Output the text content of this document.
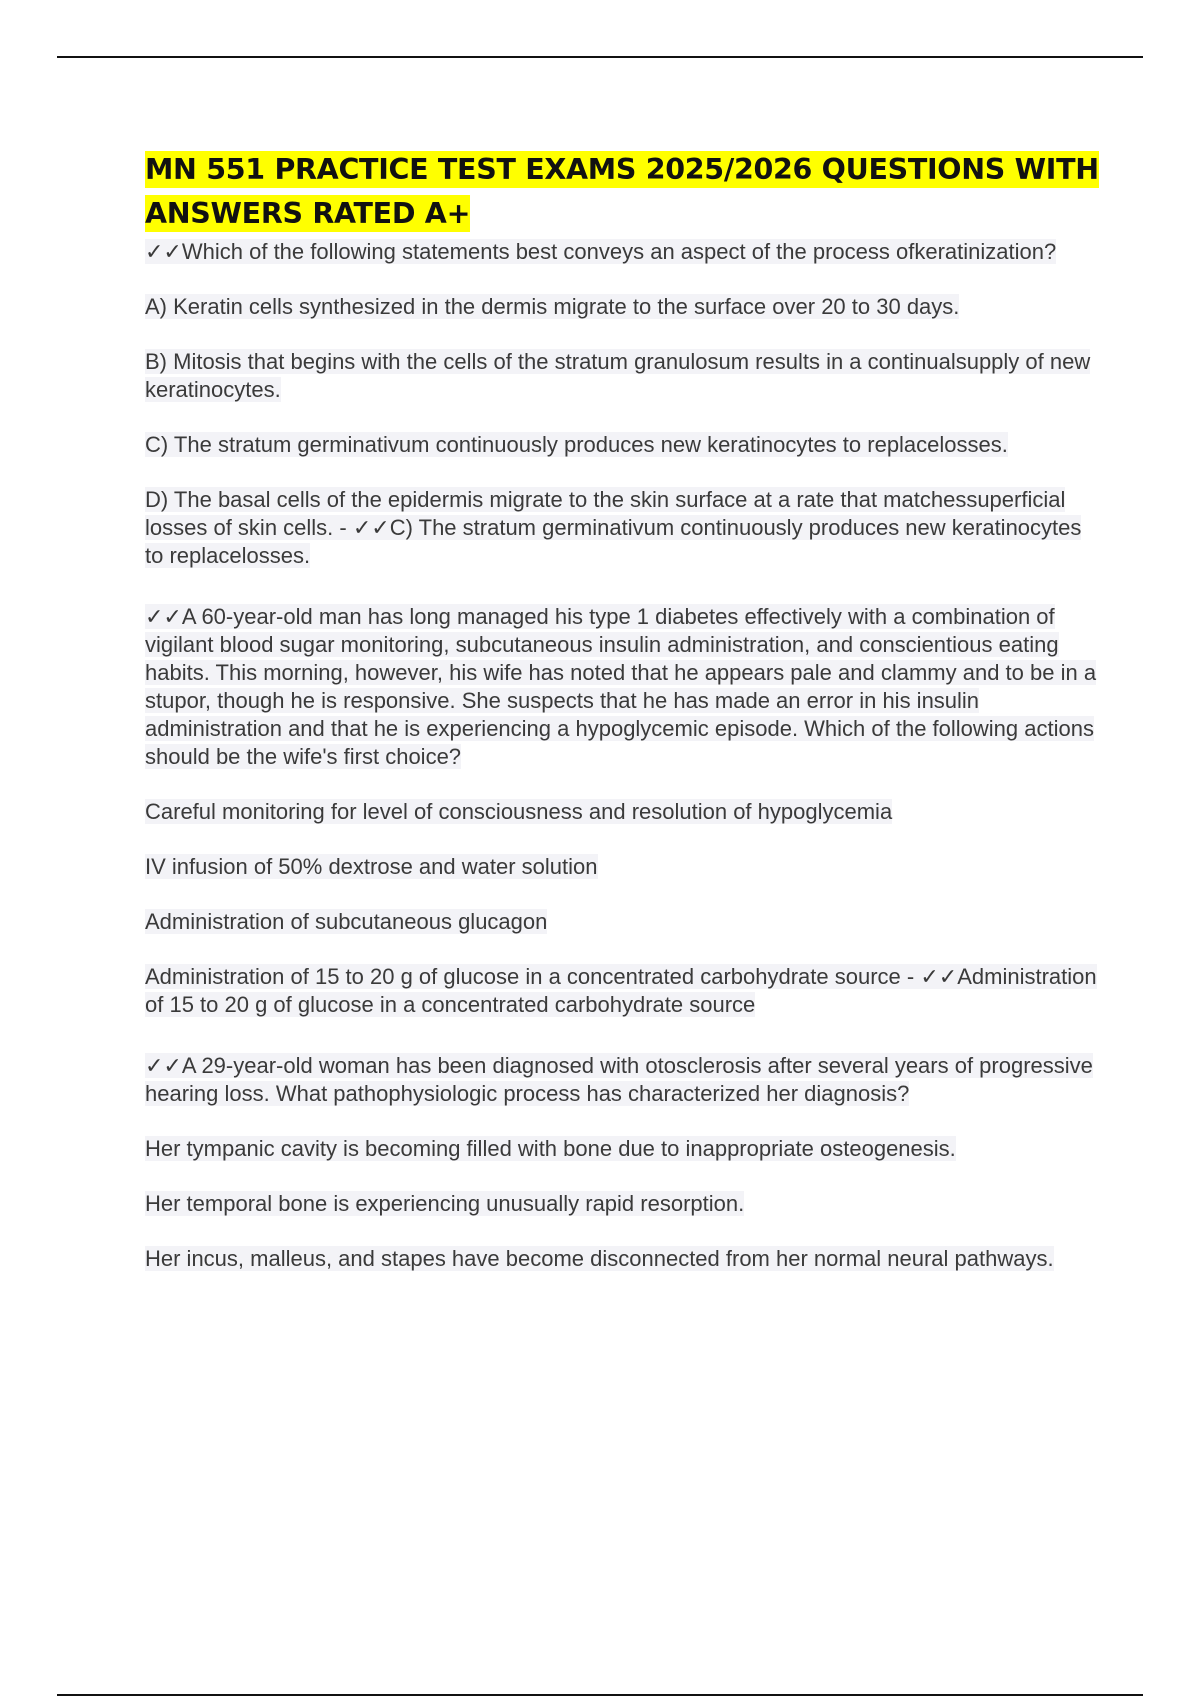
MN 551 PRACTICE TEST EXAMS 2025/2026 QUESTIONS WITH ANSWERS RATED A+

✓✓Which of the following statements best conveys an aspect of the process ofkeratinization?

A) Keratin cells synthesized in the dermis migrate to the surface over 20 to 30 days.

B) Mitosis that begins with the cells of the stratum granulosum results in a continualsupply of new keratinocytes.

C) The stratum germinativum continuously produces new keratinocytes to replacelosses.

D) The basal cells of the epidermis migrate to the skin surface at a rate that matchessuperficial losses of skin cells. - ✓✓C) The stratum germinativum continuously produces new keratinocytes to replacelosses.

✓✓A 60-year-old man has long managed his type 1 diabetes effectively with a combination of vigilant blood sugar monitoring, subcutaneous insulin administration, and conscientious eating habits. This morning, however, his wife has noted that he appears pale and clammy and to be in a stupor, though he is responsive. She suspects that he has made an error in his insulin administration and that he is experiencing a hypoglycemic episode. Which of the following actions should be the wife's first choice?

Careful monitoring for level of consciousness and resolution of hypoglycemia

IV infusion of 50% dextrose and water solution

Administration of subcutaneous glucagon

Administration of 15 to 20 g of glucose in a concentrated carbohydrate source - ✓✓Administration of 15 to 20 g of glucose in a concentrated carbohydrate source

✓✓A 29-year-old woman has been diagnosed with otosclerosis after several years of progressive hearing loss. What pathophysiologic process has characterized her diagnosis?

Her tympanic cavity is becoming filled with bone due to inappropriate osteogenesis.

Her temporal bone is experiencing unusually rapid resorption.

Her incus, malleus, and stapes have become disconnected from her normal neural pathways.
